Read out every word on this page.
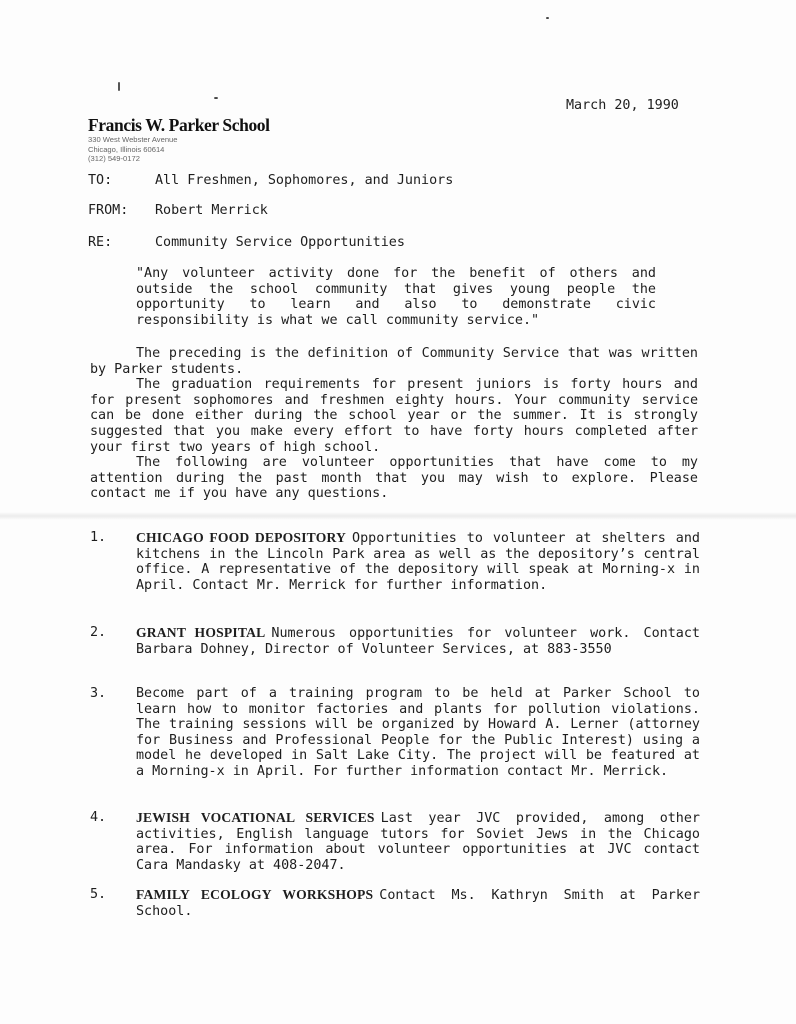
March 20, 1990
Francis W. Parker School
330 West Webster Avenue
Chicago, Illinois 60614
(312) 549-0172
TO:	All Freshmen, Sophomores, and Juniors
FROM: Robert Merrick
RE:	Community Service Opportunities
"Any volunteer activity done for the benefit of others and outside the school community that gives young people the opportunity to learn and also to demonstrate civic responsibility is what we call community service."
The preceding is the definition of Community Service that was written by Parker students.
The graduation requirements for present juniors is forty hours and for present sophomores and freshmen eighty hours. Your community service can be done either during the school year or the summer. It is strongly suggested that you make every effort to have forty hours completed after your first two years of high school.
The following are volunteer opportunities that have come to my attention during the past month that you may wish to explore. Please contact me if you have any questions.
1. CHICAGO FOOD DEPOSITORY Opportunities to volunteer at shelters and kitchens in the Lincoln Park area as well as the depository’s central office. A representative of the depository will speak at Morning-x in April. Contact Mr. Merrick for further information.
2. GRANT HOSPITAL Numerous opportunities for volunteer work. Contact Barbara Dohney, Director of Volunteer Services, at 883-3550
3. Become part of a training program to be held at Parker School to learn how to monitor factories and plants for pollution violations. The training sessions will be organized by Howard A. Lerner (attorney for Business and Professional People for the Public Interest) using a model he developed in Salt Lake City. The project will be featured at a Morning-x in April. For further information contact Mr. Merrick.
4. JEWISH VOCATIONAL SERVICES Last year JVC provided, among other activities, English language tutors for Soviet Jews in the Chicago area. For information about volunteer opportunities at JVC contact Cara Mandasky at 408-2047.
5. FAMILY ECOLOGY WORKSHOPS Contact Ms. Kathryn Smith at Parker School.
